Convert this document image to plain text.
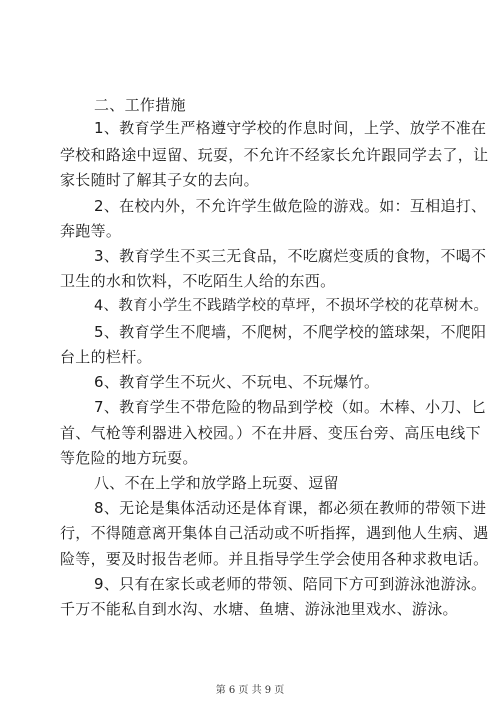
二、工作措施
1、教育学生严格遵守学校的作息时间，上学、放学不准在
学校和路途中逗留、玩耍，不允许不经家长允许跟同学去了，让
家长随时了解其子女的去向。
2、在校内外，不允许学生做危险的游戏。如：互相追打、
奔跑等。
3、教育学生不买三无食品，不吃腐烂变质的食物，不喝不
卫生的水和饮料，不吃陌生人给的东西。
4、教育小学生不践踏学校的草坪，不损坏学校的花草树木。
5、教育学生不爬墙，不爬树，不爬学校的篮球架，不爬阳
台上的栏杆。
6、教育学生不玩火、不玩电、不玩爆竹。
7、教育学生不带危险的物品到学校（如。木棒、小刀、匕
首、气枪等利器进入校园。）不在井唇、变压台旁、高压电线下
等危险的地方玩耍。
八、不在上学和放学路上玩耍、逗留
8、无论是集体活动还是体育课，都必须在教师的带领下进
行，不得随意离开集体自己活动或不听指挥，遇到他人生病、遇
险等，要及时报告老师。并且指导学生学会使用各种求救电话。
9、只有在家长或老师的带领、陪同下方可到游泳池游泳。
千万不能私自到水沟、水塘、鱼塘、游泳池里戏水、游泳。
第 6 页 共 9 页
